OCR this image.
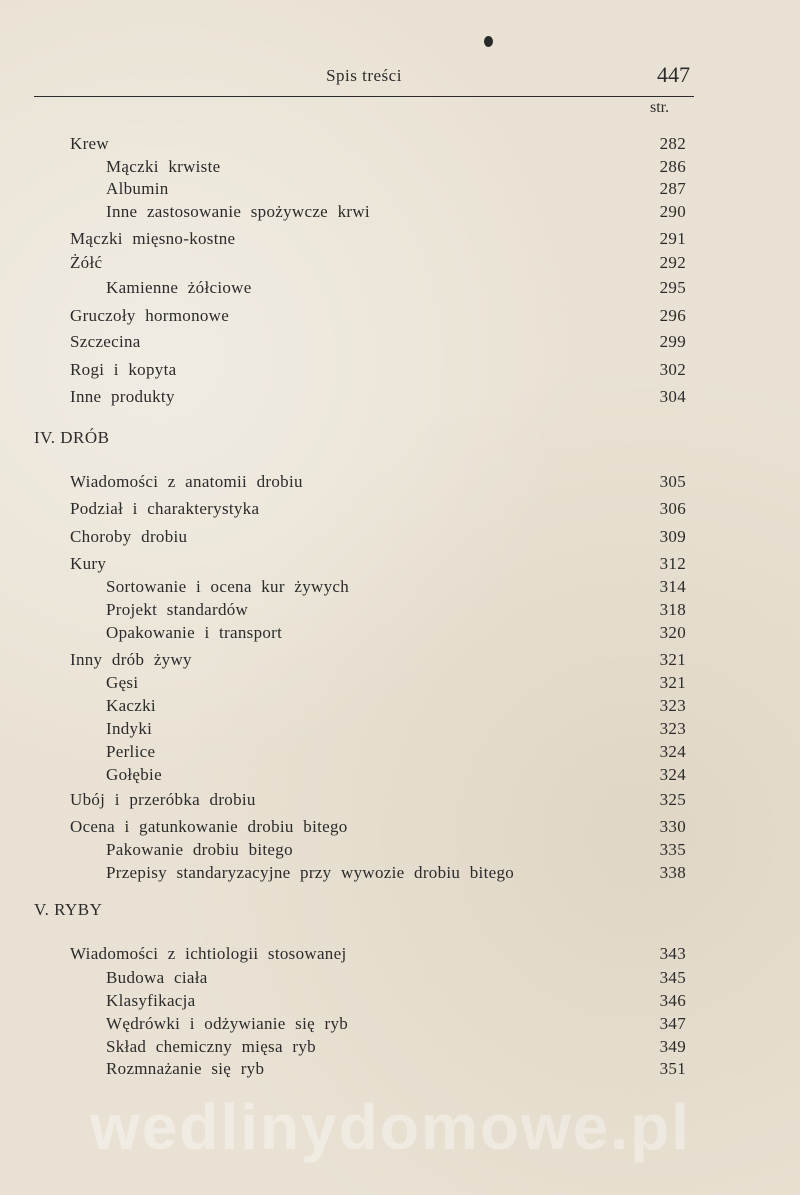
Spis treści	447
str.
IV. DRÓB
V. RYBY
Krew	282
Mączki krwiste	286
Albumin	287
Inne zastosowanie spożywcze krwi	290
Mączki mięsno-kostne	291
Żółć	292
Kamienne żółciowe	295
Gruczoły hormonowe	296
Szczecina	299
Rogi i kopyta	302
Inne produkty	304
Wiadomości z anatomii drobiu	305
Podział i charakterystyka	306
Choroby drobiu	309
Kury	312
Sortowanie i ocena kur żywych	314
Projekt standardów	318
Opakowanie i transport	320
Inny drób żywy	321
Gęsi	321
Kaczki	323
Indyki	323
Perlice	324
Gołębie	324
Ubój i przeróbka drobiu	325
Ocena i gatunkowanie drobiu bitego	330
Pakowanie drobiu bitego	335
Przepisy standaryzacyjne przy wywozie drobiu bitego	338
Wiadomości z ichtiologii stosowanej	343
Budowa ciała	345
Klasyfikacja	346
Wędrówki i odżywianie się ryb	347
Skład chemiczny mięsa ryb	349
Rozmnażanie się ryb	351
wedlinydomowe.pl
